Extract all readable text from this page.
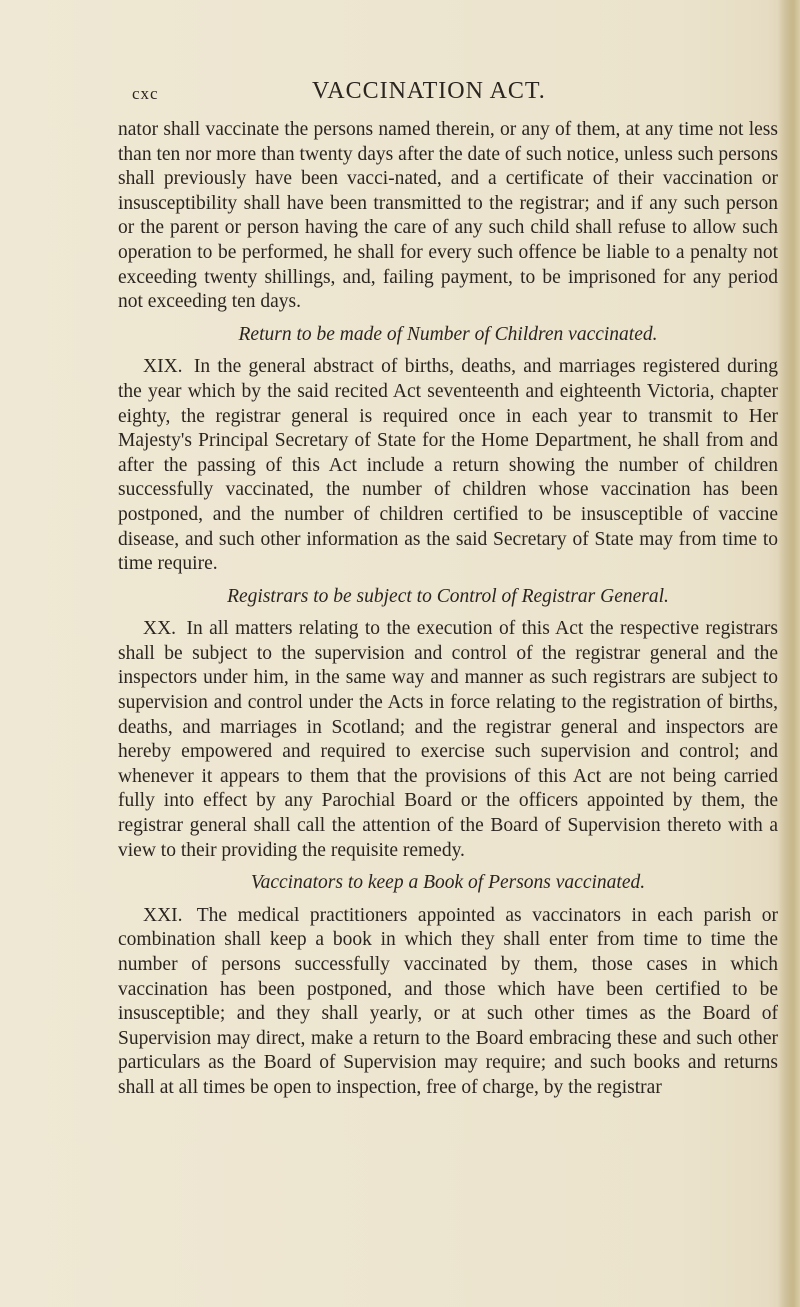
cxc	VACCINATION ACT.

nator shall vaccinate the persons named therein, or any of them, at any time not less than ten nor more than twenty days after the date of such notice, unless such persons shall previously have been vacci-nated, and a certificate of their vaccination or insusceptibility shall have been transmitted to the registrar; and if any such person or the parent or person having the care of any such child shall refuse to allow such operation to be performed, he shall for every such offence be liable to a penalty not exceeding twenty shillings, and, failing payment, to be imprisoned for any period not exceeding ten days.

Return to be made of Number of Children vaccinated.

XIX. In the general abstract of births, deaths, and marriages registered during the year which by the said recited Act seventeenth and eighteenth Victoria, chapter eighty, the registrar general is required once in each year to transmit to Her Majesty's Principal Secretary of State for the Home Department, he shall from and after the passing of this Act include a return showing the number of children successfully vaccinated, the number of children whose vaccination has been postponed, and the number of children certified to be insusceptible of vaccine disease, and such other information as the said Secretary of State may from time to time require.

Registrars to be subject to Control of Registrar General.

XX. In all matters relating to the execution of this Act the respective registrars shall be subject to the supervision and control of the registrar general and the inspectors under him, in the same way and manner as such registrars are subject to supervision and control under the Acts in force relating to the registration of births, deaths, and marriages in Scotland; and the registrar general and inspectors are hereby empowered and required to exercise such supervision and control; and whenever it appears to them that the provisions of this Act are not being carried fully into effect by any Parochial Board or the officers appointed by them, the registrar general shall call the attention of the Board of Supervision thereto with a view to their providing the requisite remedy.

Vaccinators to keep a Book of Persons vaccinated.

XXI. The medical practitioners appointed as vaccinators in each parish or combination shall keep a book in which they shall enter from time to time the number of persons successfully vaccinated by them, those cases in which vaccination has been postponed, and those which have been certified to be insusceptible; and they shall yearly, or at such other times as the Board of Supervision may direct, make a return to the Board embracing these and such other particulars as the Board of Supervision may require; and such books and returns shall at all times be open to inspection, free of charge, by the registrar
